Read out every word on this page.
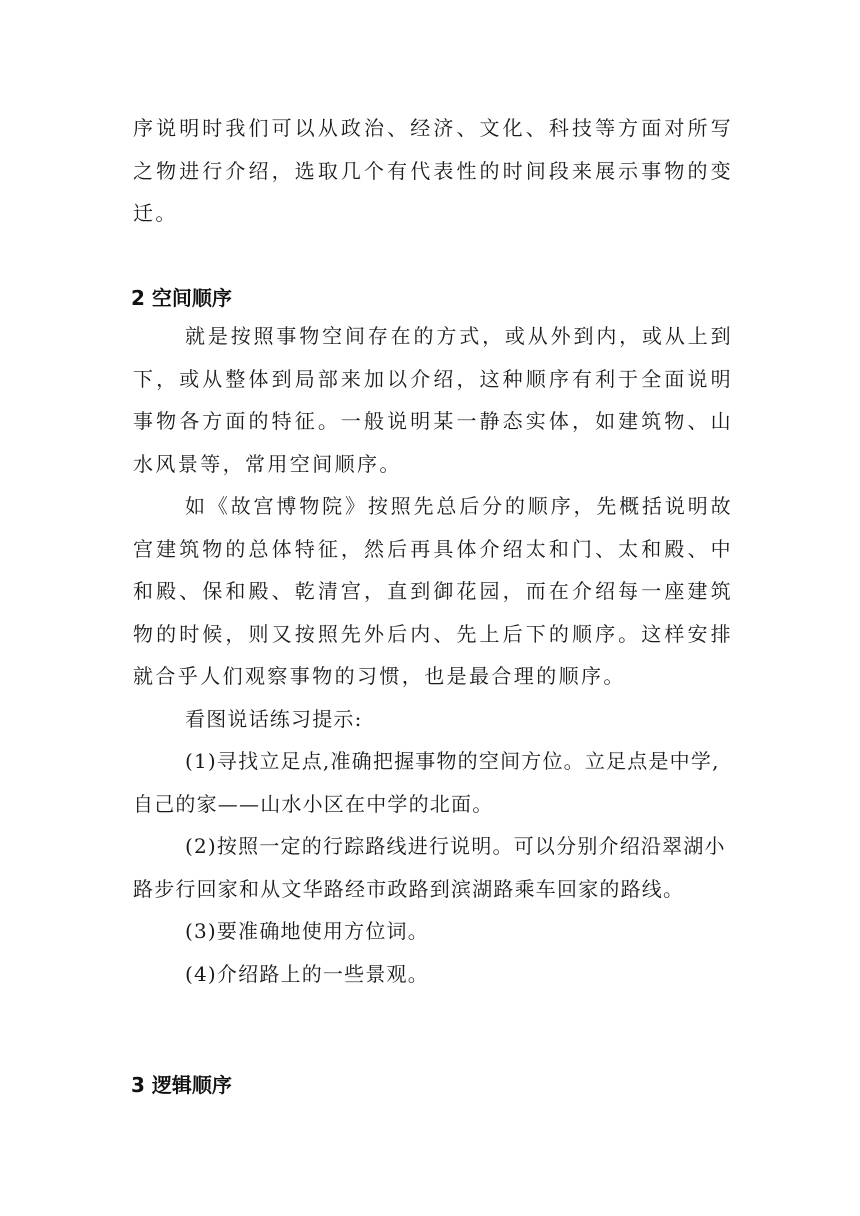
序说明时我们可以从政治、经济、文化、科技等方面对所写之物进行介绍，选取几个有代表性的时间段来展示事物的变迁。

2 空间顺序

就是按照事物空间存在的方式，或从外到内，或从上到下，或从整体到局部来加以介绍，这种顺序有利于全面说明事物各方面的特征。一般说明某一静态实体，如建筑物、山水风景等，常用空间顺序。

如《故宫博物院》按照先总后分的顺序，先概括说明故宫建筑物的总体特征，然后再具体介绍太和门、太和殿、中和殿、保和殿、乾清宫，直到御花园，而在介绍每一座建筑物的时候，则又按照先外后内、先上后下的顺序。这样安排就合乎人们观察事物的习惯，也是最合理的顺序。

看图说话练习提示:

(1)寻找立足点,准确把握事物的空间方位。立足点是中学,自己的家——山水小区在中学的北面。

(2)按照一定的行踪路线进行说明。可以分别介绍沿翠湖小路步行回家和从文华路经市政路到滨湖路乘车回家的路线。

(3)要准确地使用方位词。

(4)介绍路上的一些景观。

3 逻辑顺序
